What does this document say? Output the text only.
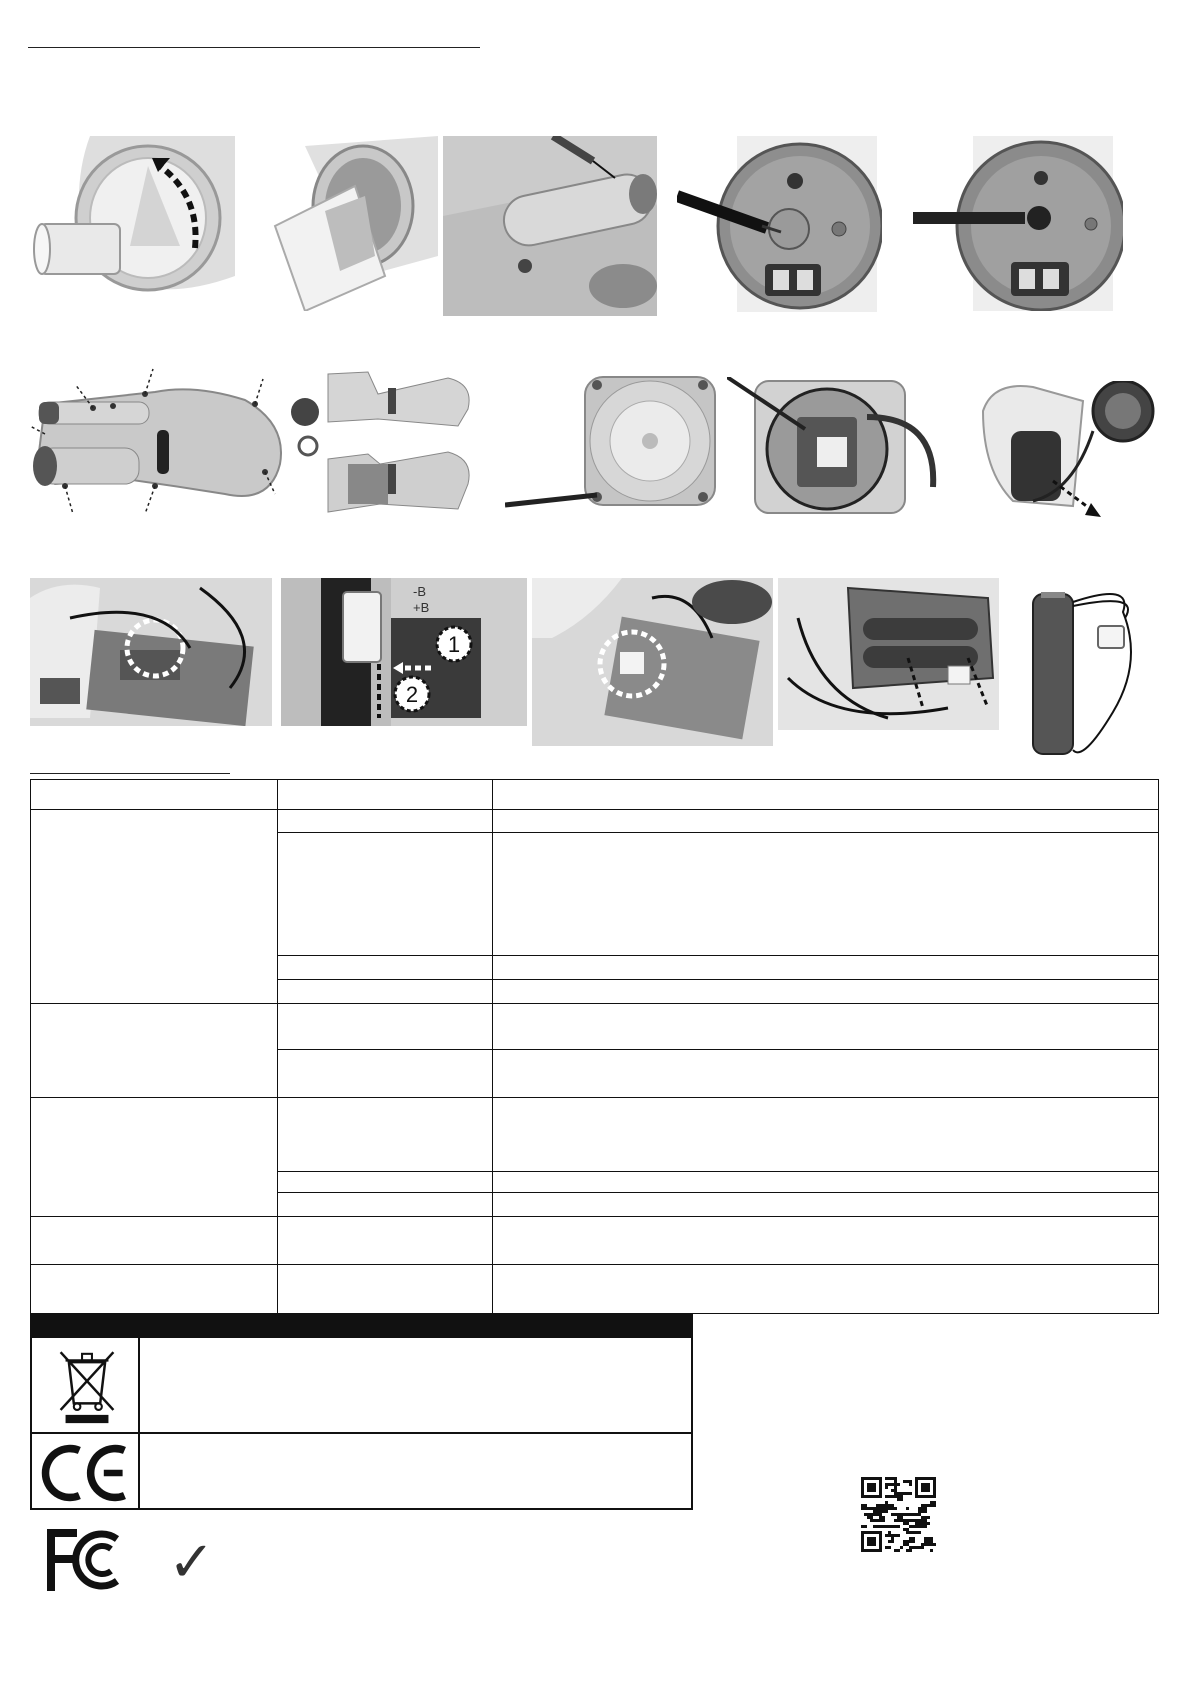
1
2
-B
+B

✓
